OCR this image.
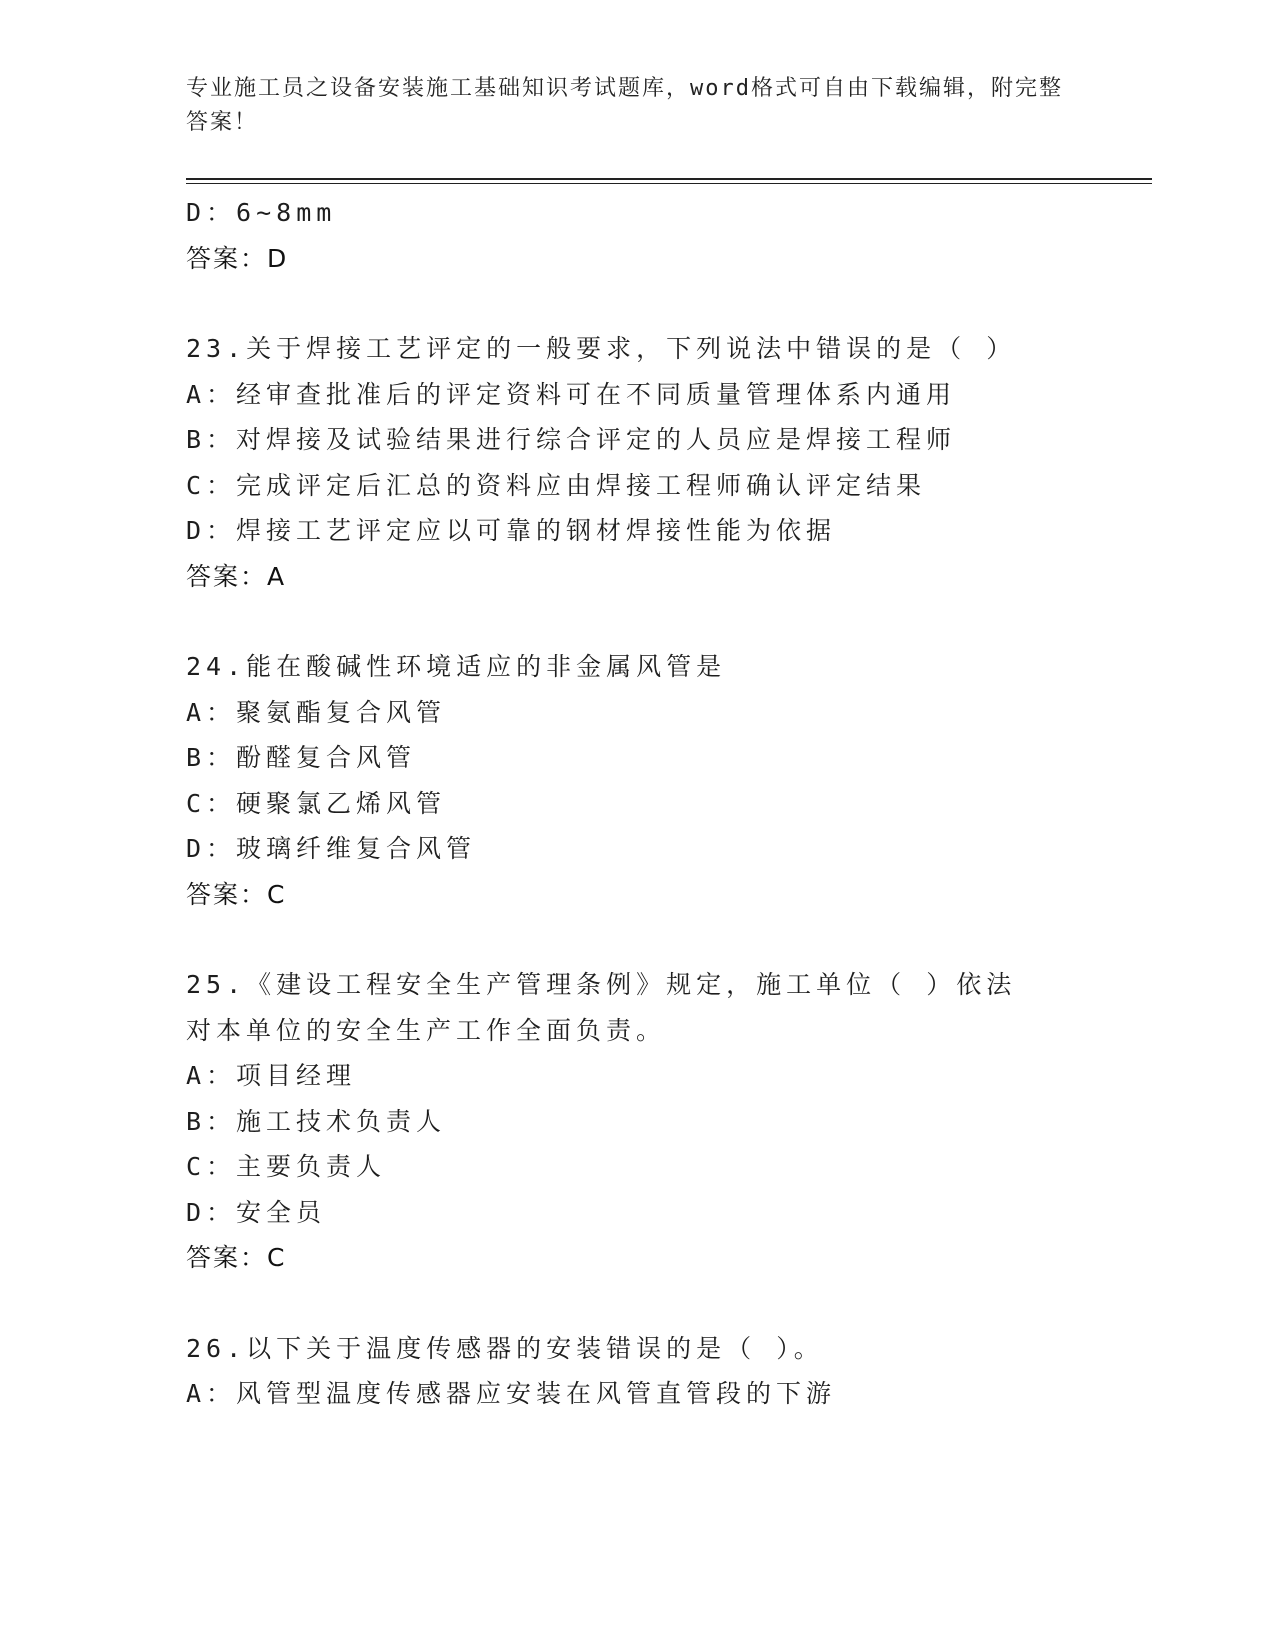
专业施工员之设备安装施工基础知识考试题库，word格式可自由下载编辑，附完整答案！
D：6~8mm
答案：D
23.关于焊接工艺评定的一般要求，下列说法中错误的是（ ）
A：经审查批准后的评定资料可在不同质量管理体系内通用
B：对焊接及试验结果进行综合评定的人员应是焊接工程师
C：完成评定后汇总的资料应由焊接工程师确认评定结果
D：焊接工艺评定应以可靠的钢材焊接性能为依据
答案：A
24.能在酸碱性环境适应的非金属风管是
A：聚氨酯复合风管
B：酚醛复合风管
C：硬聚氯乙烯风管
D：玻璃纤维复合风管
答案：C
25.《建设工程安全生产管理条例》规定，施工单位（ ）依法对本单位的安全生产工作全面负责。
A：项目经理
B：施工技术负责人
C：主要负责人
D：安全员
答案：C
26.以下关于温度传感器的安装错误的是（ ）。
A：风管型温度传感器应安装在风管直管段的下游
